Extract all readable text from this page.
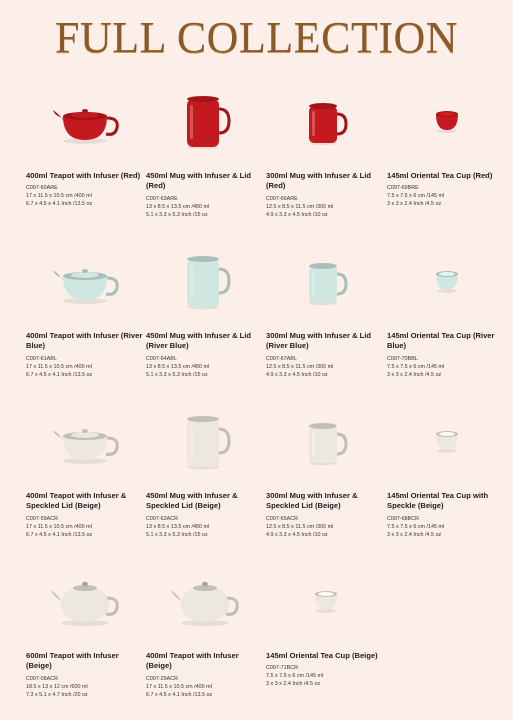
FULL COLLECTION
400ml Teapot with Infuser (Red)
C097-60ARE
17 x 11.5 x 10.5 cm /400 ml
6.7 x 4.5 x 4.1 Inch /13.5 oz
450ml Mug with Infuser & Lid (Red)
C097-63ARE
13 x 8.5 x 13.5 cm /450 ml
5.1 x 3.3 x 5.3 Inch /15 oz
300ml Mug with Infuser & Lid (Red)
C097-66ARE
12.5 x 8.5 x 11.5 cm /300 ml
4.9 x 3.3 x 4.5 Inch /10 oz
145ml Oriental Tea Cup (Red)
C097-69BRE
7.5 x 7.5 x 6 cm /145 ml
3 x 3 x 2.4 Inch /4.5 oz
400ml Teapot with Infuser (River Blue)
C097-61ABL
17 x 11.5 x 10.5 cm /400 ml
6.7 x 4.5 x 4.1 Inch /13.5 oz
450ml Mug with Infuser & Lid (River Blue)
C097-64ABL
13 x 8.5 x 13.5 cm /450 ml
5.1 x 3.3 x 5.3 Inch /15 oz
300ml Mug with Infuser & Lid (River Blue)
C097-67ABL
12.5 x 8.5 x 11.5 cm /300 ml
4.9 x 3.3 x 4.5 Inch /10 oz
145ml Oriental Tea Cup (River Blue)
C097-70BBL
7.5 x 7.5 x 6 cm /145 ml
3 x 3 x 2.4 Inch /4.5 oz
400ml Teapot with Infuser & Speckled Lid (Beige)
C097-59ACR
17 x 11.5 x 10.5 cm /400 ml
6.7 x 4.5 x 4.1 Inch /13.5 oz
450ml Mug with Infuser & Speckled Lid (Beige)
C097-62ACR
13 x 8.5 x 13.5 cm /450 ml
5.1 x 3.3 x 5.3 Inch /15 oz
300ml Mug with Infuser & Speckled Lid (Beige)
C097-65ACR
12.5 x 8.5 x 11.5 cm /300 ml
4.9 x 3.3 x 4.5 Inch /10 oz
145ml Oriental Tea Cup with Speckle (Beige)
C097-68BCR
7.5 x 7.5 x 6 cm /145 ml
3 x 3 x 2.4 Inch /4.5 oz
600ml Teapot with Infuser (Beige)
C097-08ACR
18.5 x 13 x 12 cm /600 ml
7.3 x 5.1 x 4.7 Inch /20 oz
400ml Teapot with Infuser (Beige)
C097-29ACR
17 x 11.5 x 10.5 cm /400 ml
6.7 x 4.5 x 4.1 Inch /13.5 oz
145ml Oriental Tea Cup (Beige)
C097-71BCR
7.5 x 7.5 x 6 cm /145 ml
3 x 3 x 2.4 Inch /4.5 oz
